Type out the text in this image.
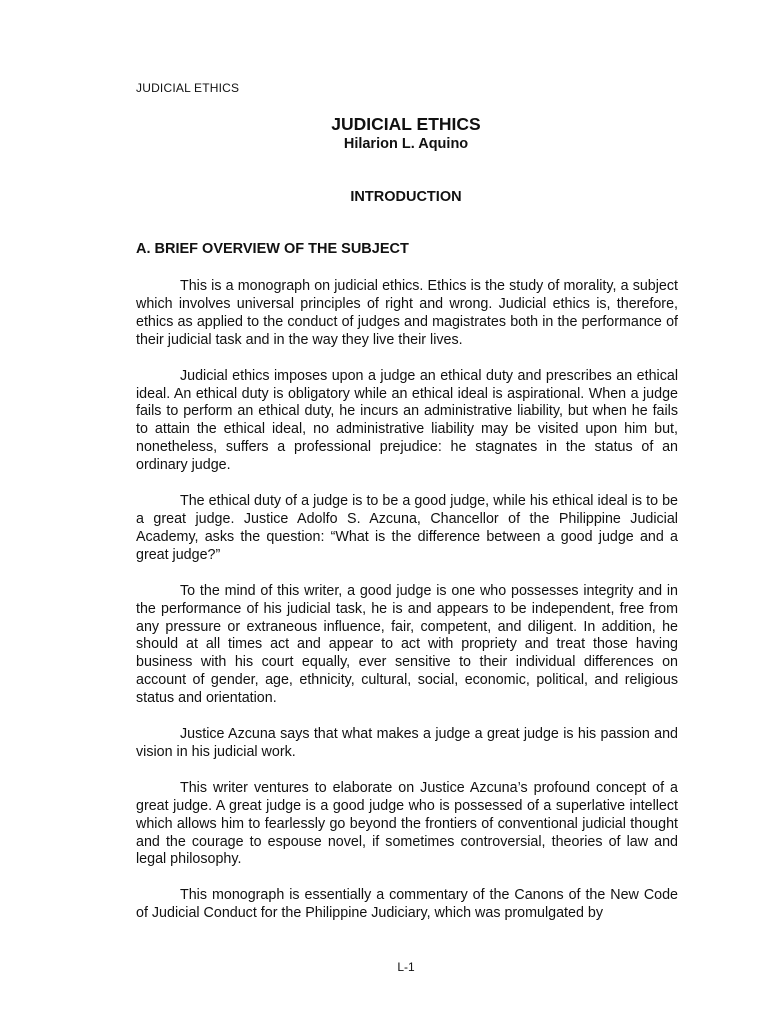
JUDICIAL ETHICS
JUDICIAL ETHICS
Hilarion L. Aquino
INTRODUCTION
A. BRIEF OVERVIEW OF THE SUBJECT

This is a monograph on judicial ethics. Ethics is the study of morality, a subject which involves universal principles of right and wrong. Judicial ethics is, therefore, ethics as applied to the conduct of judges and magistrates both in the performance of their judicial task and in the way they live their lives.

Judicial ethics imposes upon a judge an ethical duty and prescribes an ethical ideal. An ethical duty is obligatory while an ethical ideal is aspirational. When a judge fails to perform an ethical duty, he incurs an administrative liability, but when he fails to attain the ethical ideal, no administrative liability may be visited upon him but, nonetheless, suffers a professional prejudice: he stagnates in the status of an ordinary judge.

The ethical duty of a judge is to be a good judge, while his ethical ideal is to be a great judge. Justice Adolfo S. Azcuna, Chancellor of the Philippine Judicial Academy, asks the question: “What is the difference between a good judge and a great judge?”

To the mind of this writer, a good judge is one who possesses integrity and in the performance of his judicial task, he is and appears to be independent, free from any pressure or extraneous influence, fair, competent, and diligent. In addition, he should at all times act and appear to act with propriety and treat those having business with his court equally, ever sensitive to their individual differences on account of gender, age, ethnicity, cultural, social, economic, political, and religious status and orientation.

Justice Azcuna says that what makes a judge a great judge is his passion and vision in his judicial work.

This writer ventures to elaborate on Justice Azcuna’s profound concept of a great judge. A great judge is a good judge who is possessed of a superlative intellect which allows him to fearlessly go beyond the frontiers of conventional judicial thought and the courage to espouse novel, if sometimes controversial, theories of law and legal philosophy.

This monograph is essentially a commentary of the Canons of the New Code of Judicial Conduct for the Philippine Judiciary, which was promulgated by

L-1
